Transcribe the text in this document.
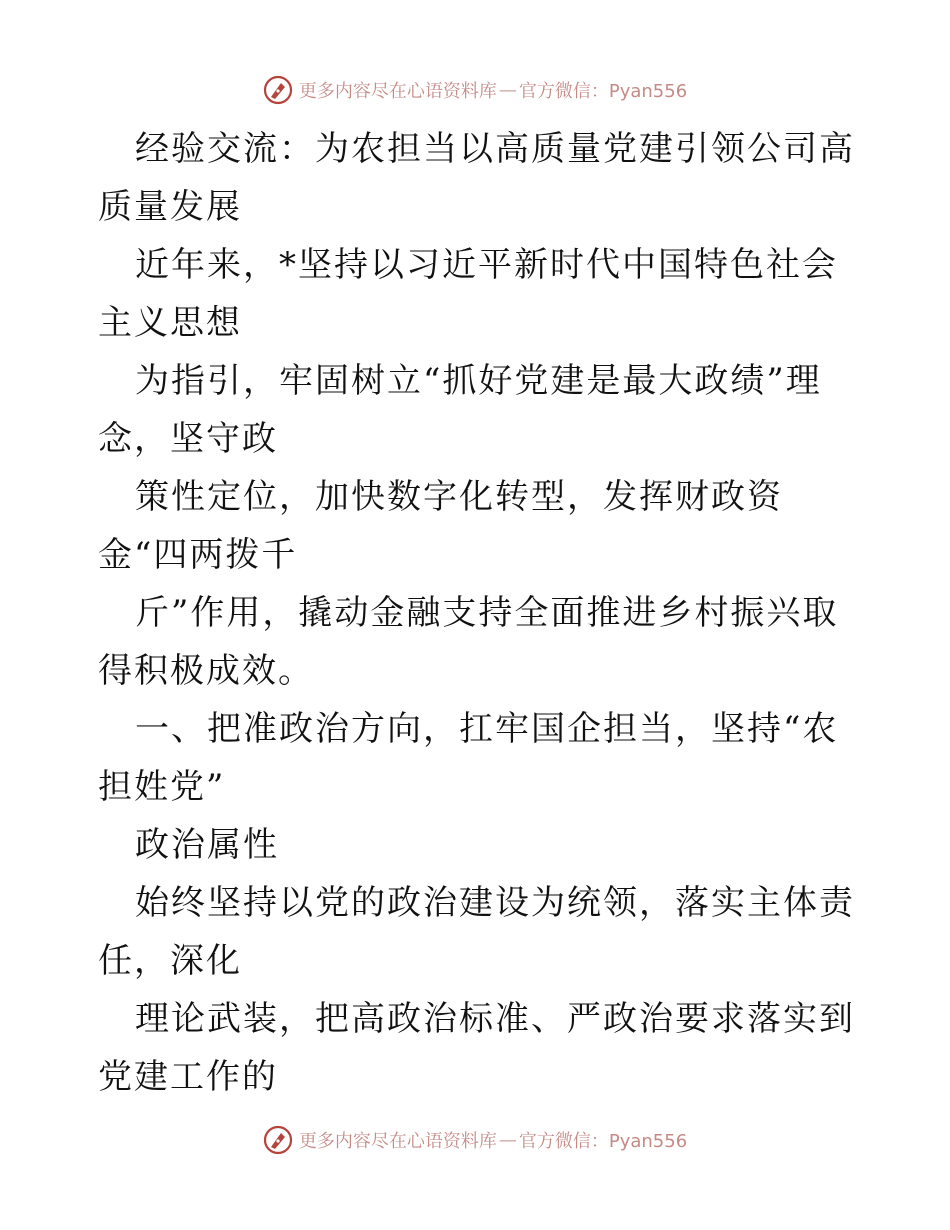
更多内容尽在心语资料库 — 官方微信：Pyan556

经验交流：为农担当以高质量党建引领公司高质量发展

近年来，*坚持以习近平新时代中国特色社会主义思想

为指引，牢固树立“抓好党建是最大政绩”理念，坚守政

策性定位，加快数字化转型，发挥财政资金“四两拨千

斤”作用，撬动金融支持全面推进乡村振兴取得积极成效。

一、把准政治方向，扛牢国企担当，坚持“农担姓党”

政治属性

始终坚持以党的政治建设为统领，落实主体责任，深化

理论武装，把高政治标准、严政治要求落实到党建工作的

更多内容尽在心语资料库 — 官方微信：Pyan556
